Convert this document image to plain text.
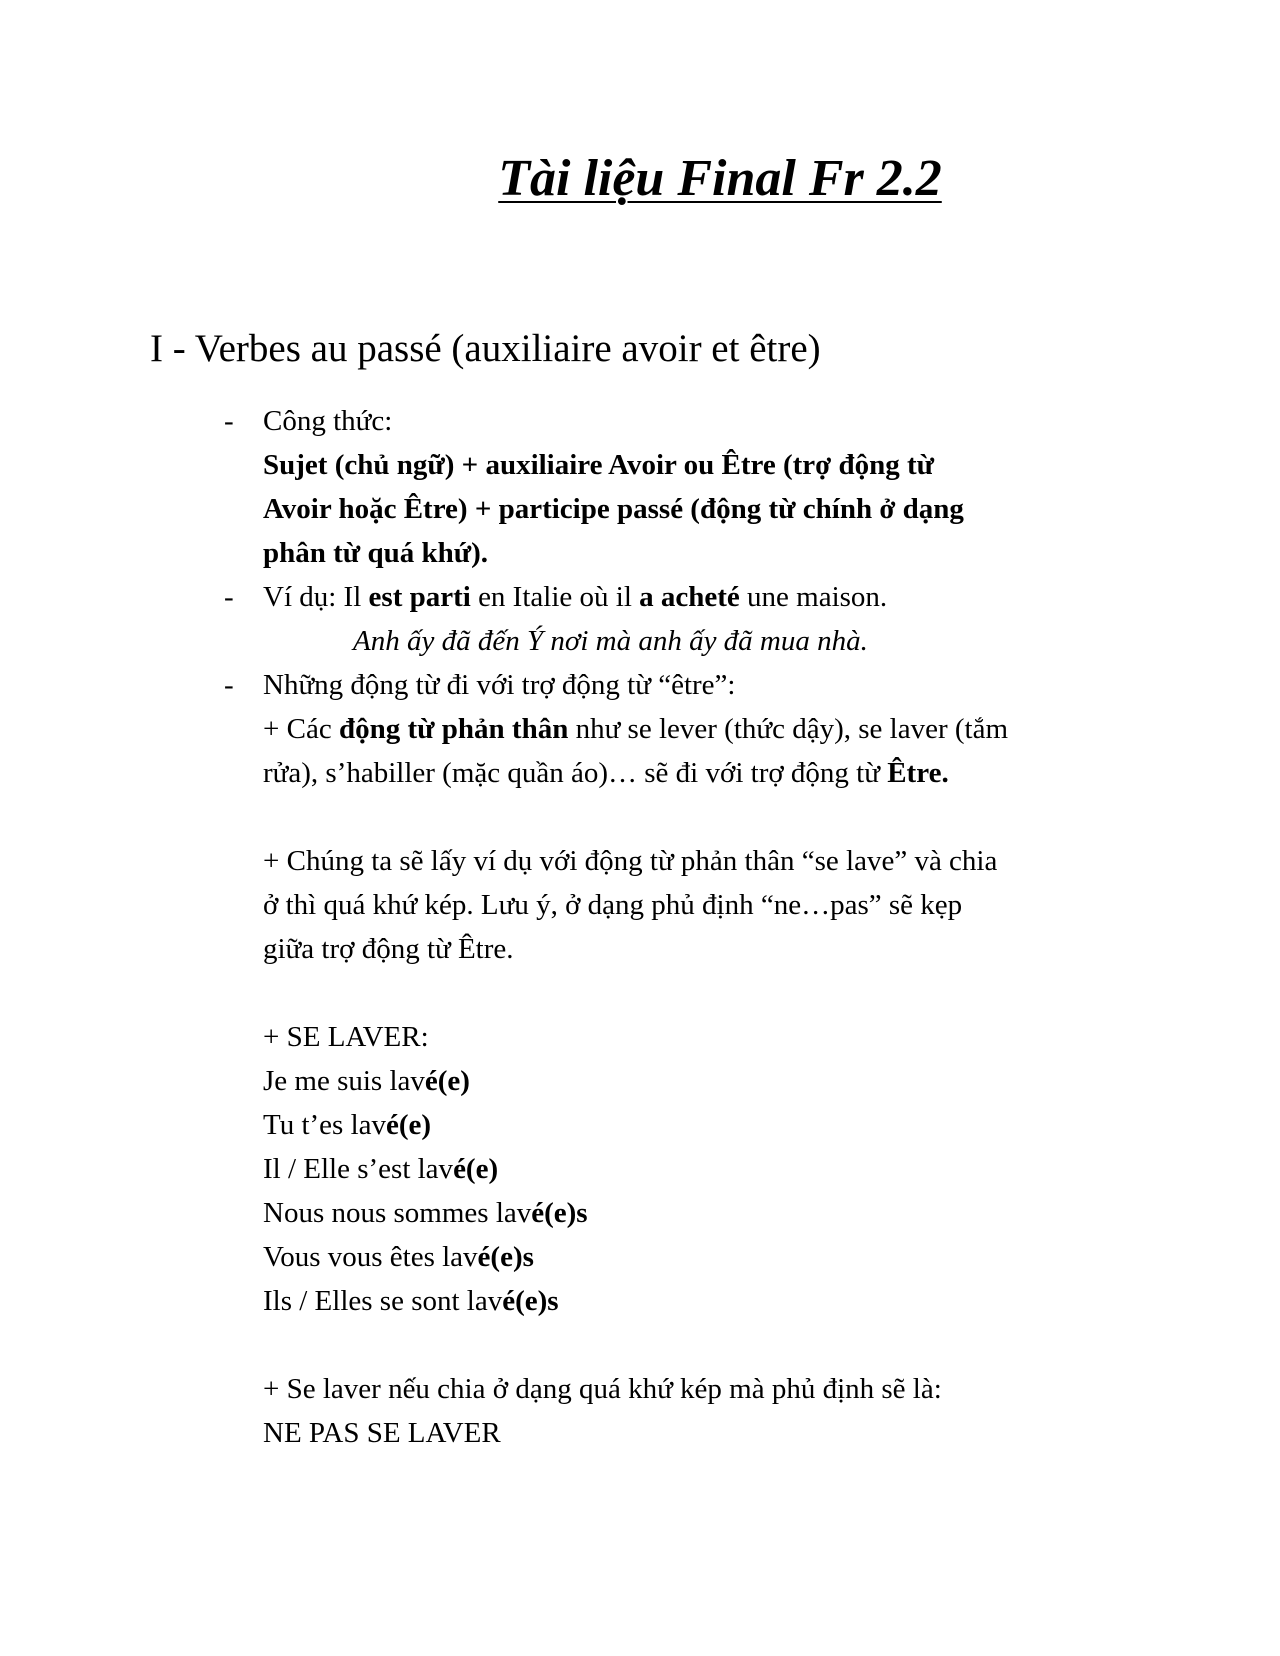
Tài liệu Final Fr 2.2
I - Verbes au passé (auxiliaire avoir et être)
- Công thức:
Sujet (chủ ngữ) + auxiliaire Avoir ou Être (trợ động từ
Avoir hoặc Être) + participe passé (động từ chính ở dạng
phân từ quá khứ).
- Ví dụ: Il est parti en Italie où il a acheté une maison.
Anh ấy đã đến Ý nơi mà anh ấy đã mua nhà.
- Những động từ đi với trợ động từ “être”:
+ Các động từ phản thân như se lever (thức dậy), se laver (tắm
rửa), s’habiller (mặc quần áo)… sẽ đi với trợ động từ Être.
+ Chúng ta sẽ lấy ví dụ với động từ phản thân “se lave” và chia
ở thì quá khứ kép. Lưu ý, ở dạng phủ định “ne…pas” sẽ kẹp
giữa trợ động từ Être.
+ SE LAVER:
Je me suis lavé(e)
Tu t’es lavé(e)
Il / Elle s’est lavé(e)
Nous nous sommes lavé(e)s
Vous vous êtes lavé(e)s
Ils / Elles se sont lavé(e)s
+ Se laver nếu chia ở dạng quá khứ kép mà phủ định sẽ là:
NE PAS SE LAVER
